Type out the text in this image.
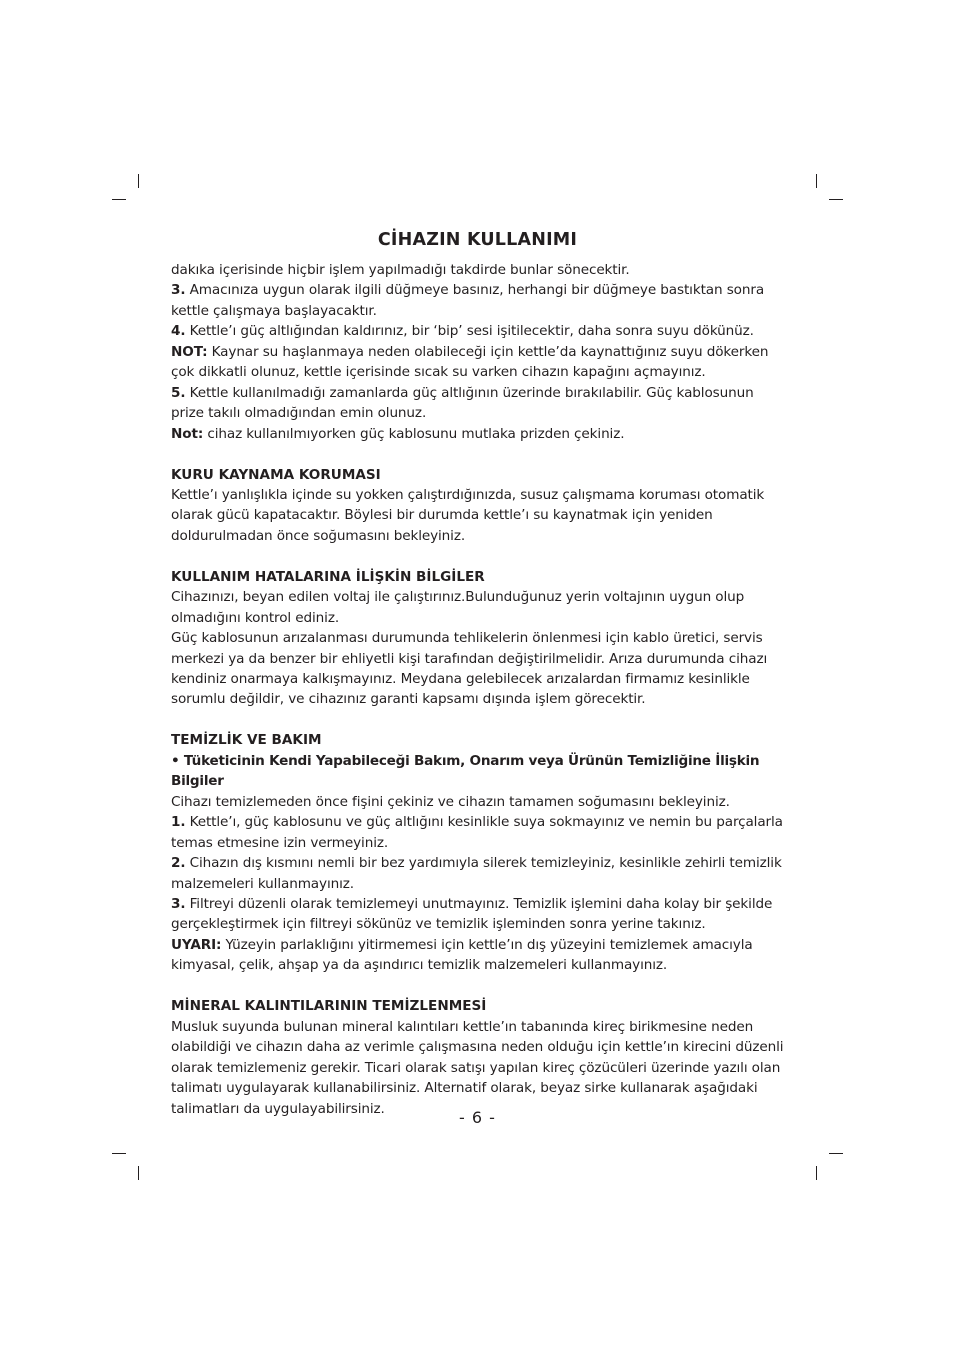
CİHAZIN KULLANIMI

dakıka içerisinde hiçbir işlem yapılmadığı takdirde bunlar sönecektir.

3. Amacınıza uygun olarak ilgili düğmeye basınız, herhangi bir düğmeye bastıktan sonra kettle çalışmaya başlayacaktır.

4. Kettle’ı güç altlığından kaldırınız, bir ‘bip’ sesi işitilecektir, daha sonra suyu dökünüz.

NOT: Kaynar su haşlanmaya neden olabileceği için kettle’da kaynattığınız suyu dökerken çok dikkatli olunuz, kettle içerisinde sıcak su varken cihazın kapağını açmayınız.

5. Kettle kullanılmadığı zamanlarda güç altlığının üzerinde bırakılabilir. Güç kablosunun prize takılı olmadığından emin olunuz.

Not: cihaz kullanılmıyorken güç kablosunu mutlaka prizden çekiniz.

KURU KAYNAMA KORUMASI

Kettle’ı yanlışlıkla içinde su yokken çalıştırdığınızda, susuz çalışmama koruması otomatik olarak gücü kapatacaktır. Böylesi bir durumda kettle’ı su kaynatmak için yeniden doldurulmadan önce soğumasını bekleyiniz.

KULLANIM HATALARINA İLİŞKİN BİLGİLER

Cihazınızı, beyan edilen voltaj ile çalıştırınız.Bulunduğunuz yerin voltajının uygun olup olmadığını kontrol ediniz.

Güç kablosunun arızalanması durumunda tehlikelerin önlenmesi için kablo üretici, servis merkezi ya da benzer bir ehliyetli kişi tarafından değiştirilmelidir. Arıza durumunda cihazı kendiniz onarmaya kalkışmayınız. Meydana gelebilecek arızalardan firmamız kesinlikle sorumlu değildir, ve cihazınız garanti kapsamı dışında işlem görecektir.

TEMİZLİK VE BAKIM

• Tüketicinin Kendi Yapabileceği Bakım, Onarım veya Ürünün Temizliğine İlişkin Bilgiler

Cihazı temizlemeden önce fişini çekiniz ve cihazın tamamen soğumasını bekleyiniz.

1. Kettle’ı, güç kablosunu ve güç altlığını kesinlikle suya sokmayınız ve nemin bu parçalarla temas etmesine izin vermeyiniz.

2. Cihazın dış kısmını nemli bir bez yardımıyla silerek temizleyiniz, kesinlikle zehirli temizlik malzemeleri kullanmayınız.

3. Filtreyi düzenli olarak temizlemeyi unutmayınız. Temizlik işlemini daha kolay bir şekilde gerçekleştirmek için filtreyi sökünüz ve temizlik işleminden sonra yerine takınız.

UYARI: Yüzeyin parlaklığını yitirmemesi için kettle’ın dış yüzeyini temizlemek amacıyla kimyasal, çelik, ahşap ya da aşındırıcı temizlik malzemeleri kullanmayınız.

MİNERAL KALINTILARININ TEMİZLENMESİ

Musluk suyunda bulunan mineral kalıntıları kettle’ın tabanında kireç birikmesine neden olabildiği ve cihazın daha az verimle çalışmasına neden olduğu için kettle’ın kirecini düzenli olarak temizlemeniz gerekir. Ticari olarak satışı yapılan kireç çözücüleri üzerinde yazılı olan talimatı uygulayarak kullanabilirsiniz. Alternatif olarak, beyaz sirke kullanarak aşağıdaki talimatları da uygulayabilirsiniz.	- 6 -
